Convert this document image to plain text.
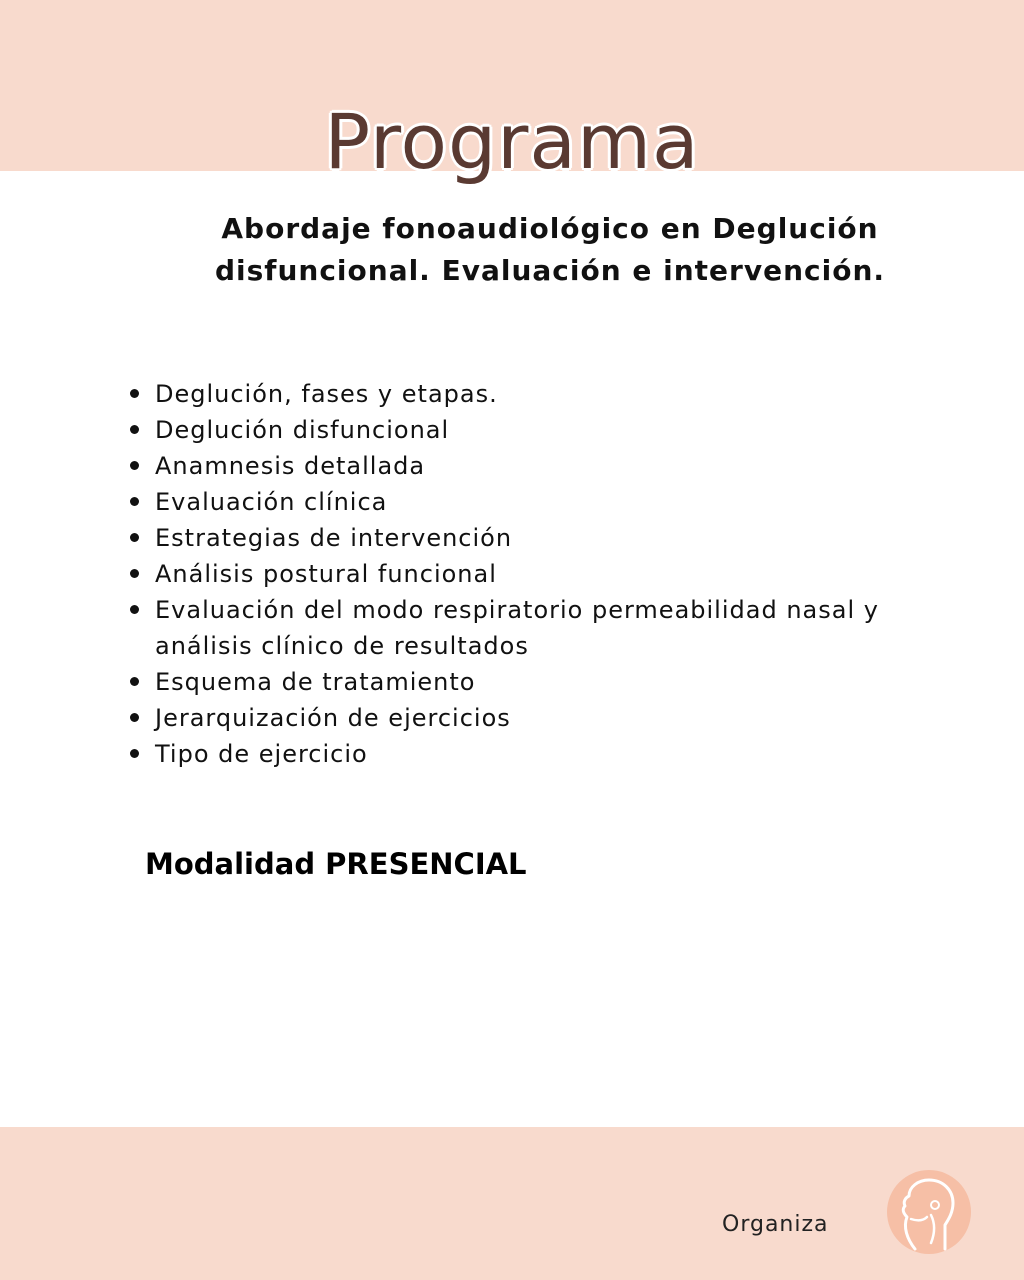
Programa
Abordaje fonoaudiológico en Deglución disfuncional. Evaluación e intervención.
Deglución, fases y etapas.
Deglución disfuncional
Anamnesis detallada
Evaluación clínica
Estrategias de intervención
Análisis postural funcional
Evaluación del modo respiratorio permeabilidad nasal y análisis clínico de resultados
Esquema de tratamiento
Jerarquización de ejercicios
Tipo de ejercicio
Modalidad PRESENCIAL
Organiza
